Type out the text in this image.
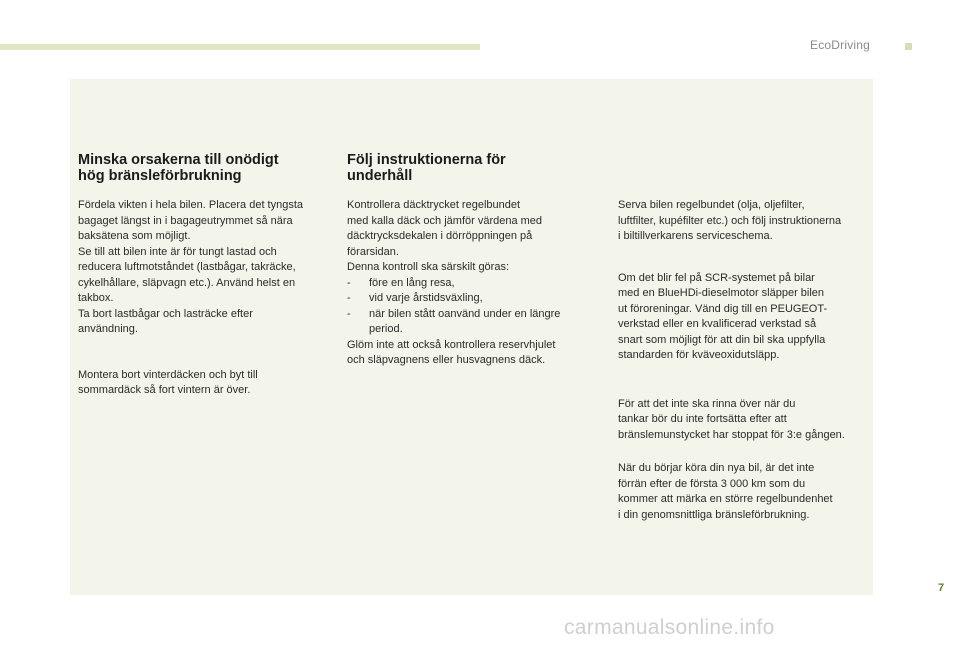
EcoDriving
Minska orsakerna till onödigt
hög bränsleförbrukning

Fördela vikten i hela bilen. Placera det tyngsta
bagaget längst in i bagageutrymmet så nära
baksätena som möjligt.
Se till att bilen inte är för tungt lastad och
reducera luftmotståndet (lastbågar, takräcke,
cykelhållare, släpvagn etc.). Använd helst en
takbox.
Ta bort lastbågar och lasträcke efter
användning.

Montera bort vinterdäcken och byt till
sommardäck så fort vintern är över.

Följ instruktionerna för
underhåll

Kontrollera däcktrycket regelbundet
med kalla däck och jämför värdena med
däcktrycksdekalen i dörröppningen på
förarsidan.
Denna kontroll ska särskilt göras:

- före en lång resa,
- vid varje årstidsväxling,
- när bilen stått oanvänd under en längre period.

Glöm inte att också kontrollera reservhjulet
och släpvagnens eller husvagnens däck.

Serva bilen regelbundet (olja, oljefilter,
luftfilter, kupéfilter etc.) och följ instruktionerna
i biltillverkarens serviceschema.

Om det blir fel på SCR-systemet på bilar
med en BlueHDi-dieselmotor släpper bilen
ut föroreningar. Vänd dig till en PEUGEOT-
verkstad eller en kvalificerad verkstad så
snart som möjligt för att din bil ska uppfylla
standarden för kväveoxidutsläpp.

För att det inte ska rinna över när du
tankar bör du inte fortsätta efter att
bränslemunstycket har stoppat för 3:e gången.

När du börjar köra din nya bil, är det inte
förrän efter de första 3 000 km som du
kommer att märka en större regelbundenhet
i din genomsnittliga bränsleförbrukning.

7
carmanualsonline.info
